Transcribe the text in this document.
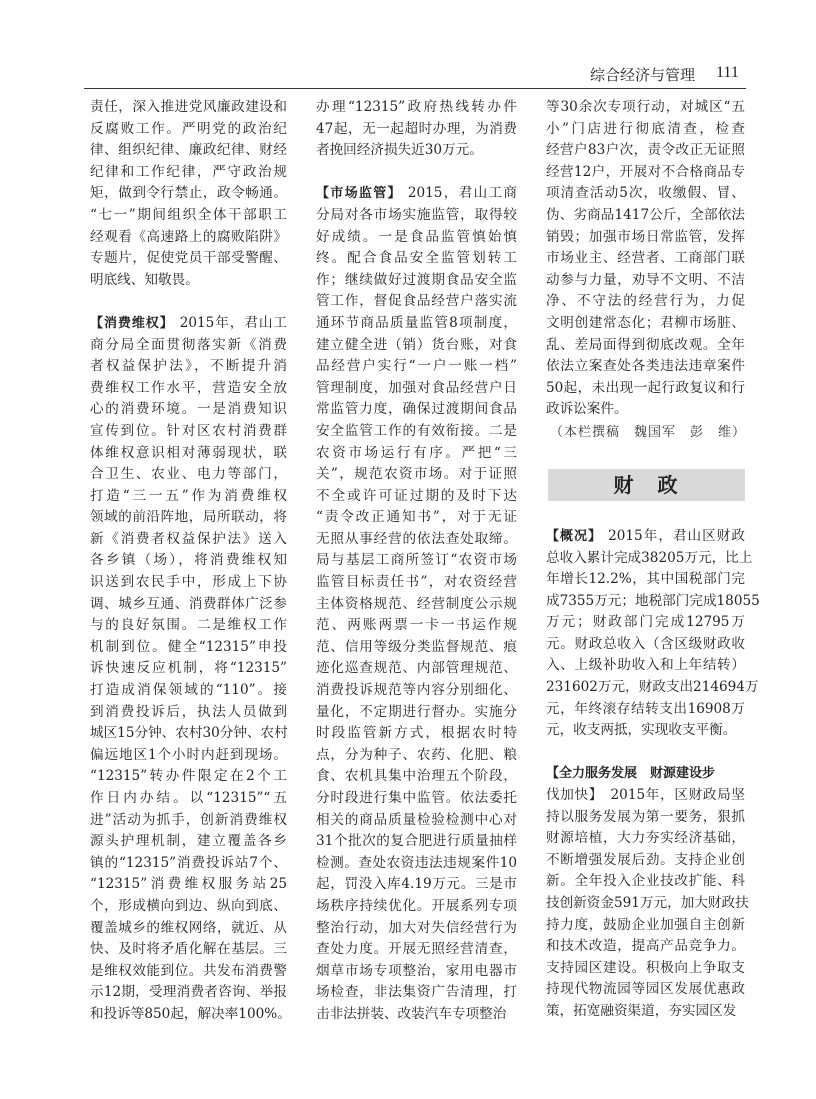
综合经济与管理 111
责任，深入推进党风廉政建设和
反腐败工作。严明党的政治纪
律、组织纪律、廉政纪律、财经
纪律和工作纪律，严守政治规
矩，做到令行禁止，政令畅通。
“七一”期间组织全体干部职工
经观看《高速路上的腐败陷阱》
专题片，促使党员干部受警醒、
明底线、知敬畏。
【消费维权】 2015年，君山工
商分局全面贯彻落实新《消费
者权益保护法》，不断提升消
费维权工作水平，营造安全放
心的消费环境。一是消费知识
宣传到位。针对区农村消费群
体维权意识相对薄弱现状，联
合卫生、农业、电力等部门，
打造“三一五”作为消费维权
领域的前沿阵地，局所联动，将
新《消费者权益保护法》送入
各乡镇（场），将消费维权知
识送到农民手中，形成上下协
调、城乡互通、消费群体广泛参
与的良好氛围。二是维权工作
机制到位。健全“12315”申投
诉快速反应机制，将“12315”
打造成消保领域的“110”。接
到消费投诉后，执法人员做到
城区15分钟、农村30分钟、农村
偏远地区1个小时内赶到现场。
“12315”转办件限定在2个工
作日内办结。以“12315”“五
进”活动为抓手，创新消费维权
源头护理机制，建立覆盖各乡
镇的“12315”消费投诉站7个、
“12315”消费维权服务站25
个，形成横向到边、纵向到底、
覆盖城乡的维权网络，就近、从
快、及时将矛盾化解在基层。三
是维权效能到位。共发布消费警
示12期，受理消费者咨询、举报
和投诉等850起，解决率100%。
办理“12315”政府热线转办件
47起，无一起超时办理，为消费
者挽回经济损失近30万元。
【市场监管】 2015，君山工商
分局对各市场实施监管，取得较
好成绩。一是食品监管慎始慎
终。配合食品安全监管划转工
作；继续做好过渡期食品安全监
管工作，督促食品经营户落实流
通环节商品质量监管8项制度，
建立健全进（销）货台账，对食
品经营户实行“一户一账一档”
管理制度，加强对食品经营户日
常监管力度，确保过渡期间食品
安全监管工作的有效衔接。二是
农资市场运行有序。严把“三
关”，规范农资市场。对于证照
不全或许可证过期的及时下达
“责令改正通知书”，对于无证
无照从事经营的依法查处取缔。
局与基层工商所签订“农资市场
监管目标责任书”，对农资经营
主体资格规范、经营制度公示规
范、两账两票一卡一书运作规
范、信用等级分类监督规范、痕
迹化巡查规范、内部管理规范、
消费投诉规范等内容分别细化、
量化，不定期进行督办。实施分
时段监管新方式，根据农时特
点，分为种子、农药、化肥、粮
食、农机具集中治理五个阶段，
分时段进行集中监管。依法委托
相关的商品质量检验检测中心对
31个批次的复合肥进行质量抽样
检测。查处农资违法违规案件10
起，罚没入库4.19万元。三是市
场秩序持续优化。开展系列专项
整治行动，加大对失信经营行为
查处力度。开展无照经营清查，
烟草市场专项整治，家用电器市
场检查，非法集资广告清理，打
击非法拼装、改装汽车专项整治
等30余次专项行动，对城区“五
小”门店进行彻底清查，检查
经营户83户次，责令改正无证照
经营12户，开展对不合格商品专
项清查活动5次，收缴假、冒、
伪、劣商品1417公斤，全部依法
销毁；加强市场日常监管，发挥
市场业主、经营者、工商部门联
动参与力量，劝导不文明、不洁
净、不守法的经营行为，力促
文明创建常态化；君柳市场脏、
乱、差局面得到彻底改观。全年
依法立案查处各类违法违章案件
50起，未出现一起行政复议和行
政诉讼案件。
（本栏撰稿　魏国军　彭　维）
财　政
【概况】 2015年，君山区财政
总收入累计完成38205万元，比上
年增长12.2%，其中国税部门完
成7355万元；地税部门完成18055
万元；财政部门完成12795万
元。财政总收入（含区级财政收
入、上级补助收入和上年结转）
231602万元，财政支出214694万
元，年终滚存结转支出16908万
元，收支两抵，实现收支平衡。
【全力服务发展　财源建设步
伐加快】　2015年，区财政局坚
持以服务发展为第一要务，狠抓
财源培植，大力夯实经济基础，
不断增强发展后劲。支持企业创
新。全年投入企业技改扩能、科
技创新资金591万元，加大财政扶
持力度，鼓励企业加强自主创新
和技术改造，提高产品竞争力。
支持园区建设。积极向上争取支
持现代物流园等园区发展优惠政
策，拓宽融资渠道，夯实园区发
